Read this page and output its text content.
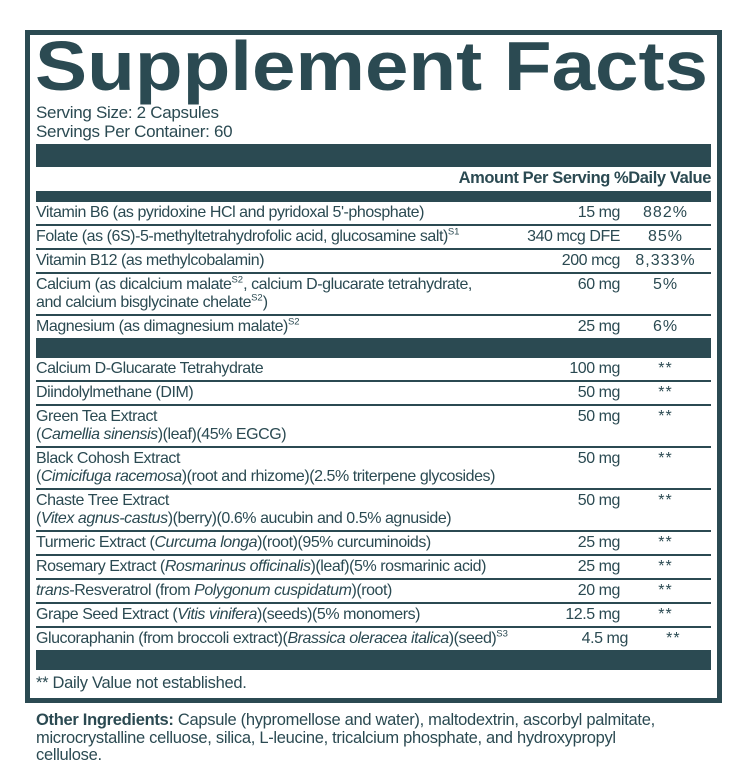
Supplement Facts
Serving Size: 2 Capsules
Servings Per Container: 60
Amount Per Serving %Daily Value
Vitamin B6 (as pyridoxine HCl and pyridoxal 5'-phosphate)	15 mg	882%
Folate (as (6S)-5-methyltetrahydrofolic acid, glucosamine salt)$^{S1}$	340 mcg DFE	85%
Vitamin B12 (as methylcobalamin)	200 mcg 8,333%
Calcium (as dicalcium malate$^{S2}$, calcium D-glucarate tetrahydrate,
and calcium bisglycinate chelate$^{S2}$)
60 mg	5%
Magnesium (as dimagnesium malate)$^{S2}$	25 mg	6%
Calcium D-Glucarate Tetrahydrate	100 mg	**
Diindolylmethane (DIM)	50 mg	**
Green Tea Extract
(Camellia sinensis)(leaf)(45% EGCG)
50 mg	**
Black Cohosh Extract
(Cimicifuga racemosa)(root and rhizome)(2.5% triterpene glycosides)
50 mg	**
Chaste Tree Extract
(Vitex agnus-castus)(berry)(0.6% aucubin and 0.5% agnuside)
50 mg	**
Turmeric Extract (Curcuma longa)(root)(95% curcuminoids)	25 mg	**
Rosemary Extract (Rosmarinus officinalis)(leaf)(5% rosmarinic acid)	25 mg	**
trans-Resveratrol (from Polygonum cuspidatum)(root)	20 mg	**
Grape Seed Extract (Vitis vinifera)(seeds)(5% monomers)	12.5 mg	**
Glucoraphanin (from broccoli extract)(Brassica oleracea italica)(seed)$^{S3}$	4.5 mg	**
** Daily Value not established.

Other Ingredients: Capsule (hypromellose and water), maltodextrin, ascorbyl palmitate, microcrystalline celluose, silica, L-leucine, tricalcium phosphate, and hydroxypropyl cellulose.
